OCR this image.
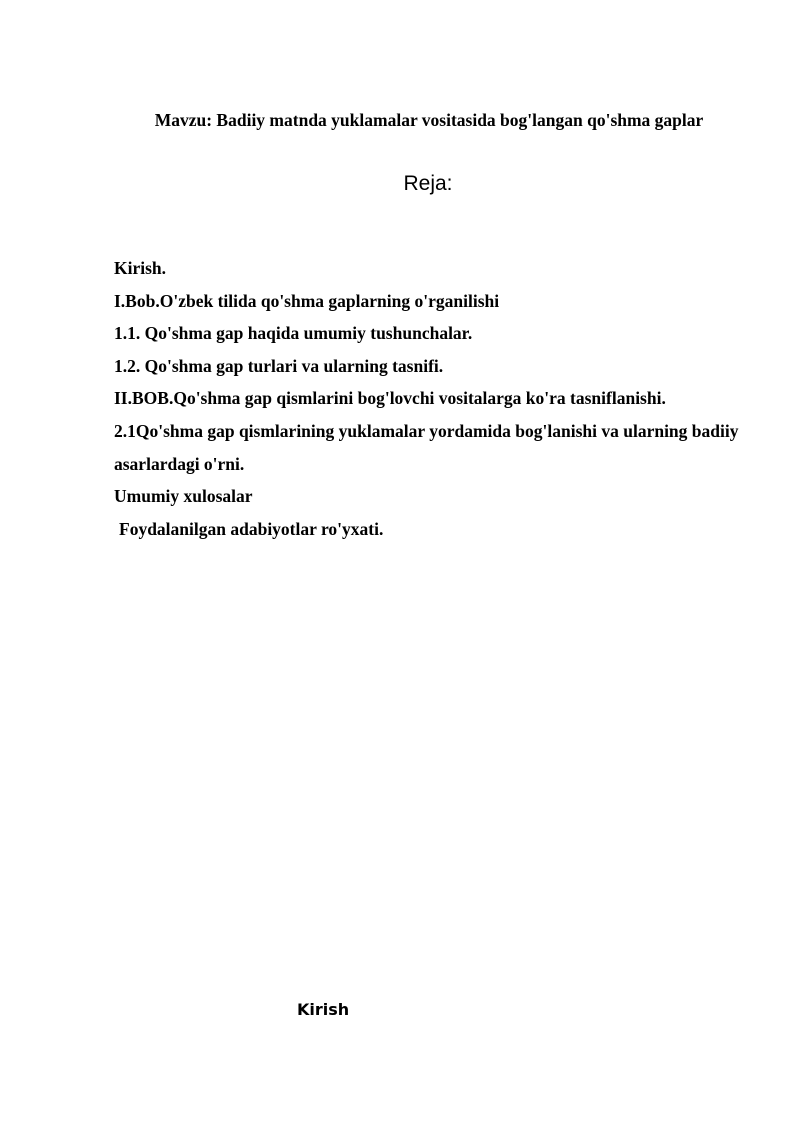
Mavzu: Badiiy matnda yuklamalar vositasida bog'langan qo'shma gaplar
Reja:
Kirish.
I.Bob.O'zbek tilida qo'shma gaplarning o'rganilishi
1.1. Qo'shma gap haqida umumiy tushunchalar.
1.2. Qo'shma gap turlari va ularning tasnifi.
II.BOB.Qo'shma gap qismlarini bog'lovchi vositalarga ko'ra tasniflanishi.
2.1Qo'shma gap qismlarining yuklamalar yordamida bog'lanishi va ularning badiiy asarlardagi o'rni.
Umumiy xulosalar
Foydalanilgan adabiyotlar ro'yxati.
Kirish
